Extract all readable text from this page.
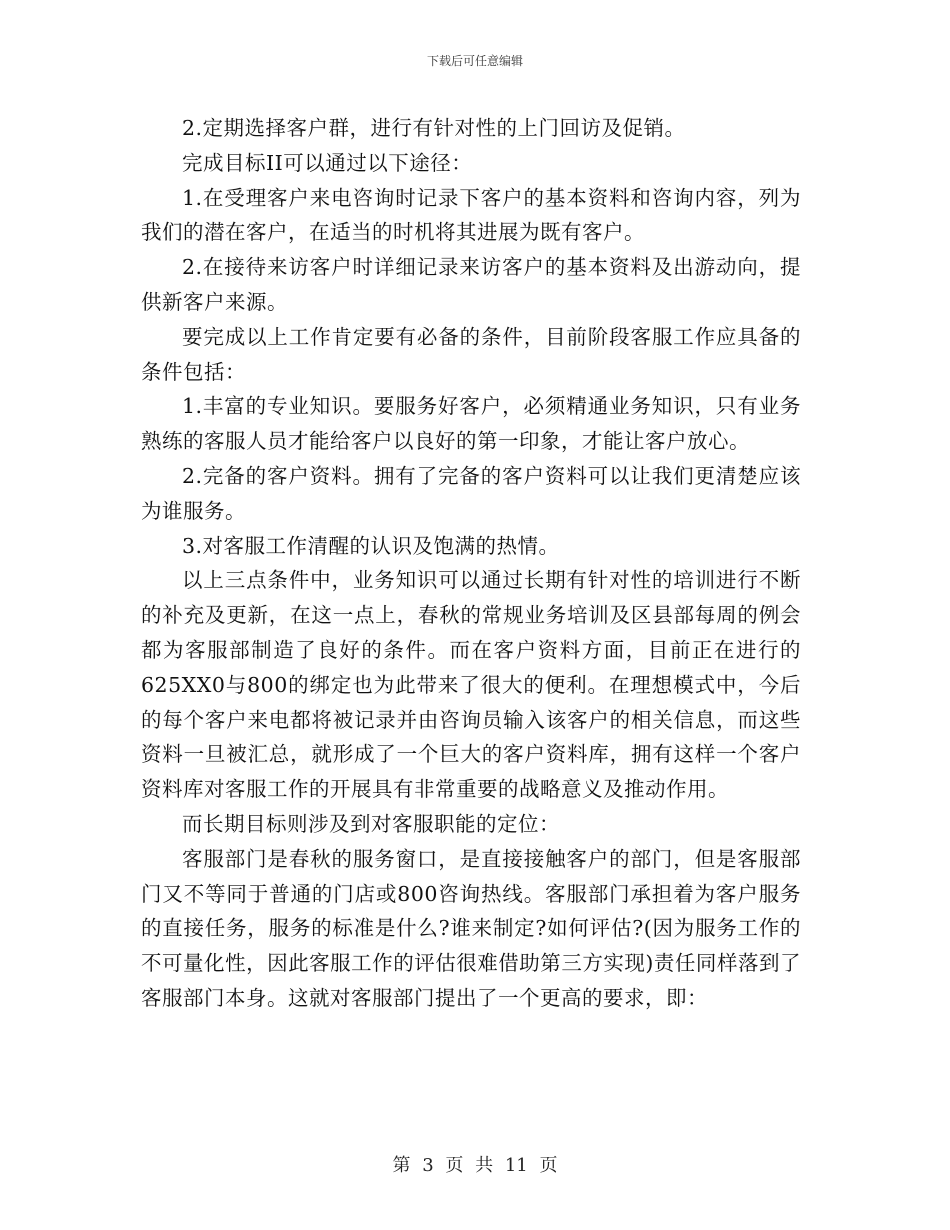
下载后可任意编辑

2.定期选择客户群，进行有针对性的上门回访及促销。

完成目标II可以通过以下途径：

1.在受理客户来电咨询时记录下客户的基本资料和咨询内容，列为我们的潜在客户，在适当的时机将其进展为既有客户。

2.在接待来访客户时详细记录来访客户的基本资料及出游动向，提供新客户来源。

要完成以上工作肯定要有必备的条件，目前阶段客服工作应具备的条件包括：

1.丰富的专业知识。要服务好客户，必须精通业务知识，只有业务熟练的客服人员才能给客户以良好的第一印象，才能让客户放心。

2.完备的客户资料。拥有了完备的客户资料可以让我们更清楚应该为谁服务。

3.对客服工作清醒的认识及饱满的热情。

以上三点条件中，业务知识可以通过长期有针对性的培训进行不断的补充及更新，在这一点上，春秋的常规业务培训及区县部每周的例会都为客服部制造了良好的条件。而在客户资料方面，目前正在进行的625XX0与800的绑定也为此带来了很大的便利。在理想模式中，今后的每个客户来电都将被记录并由咨询员输入该客户的相关信息，而这些资料一旦被汇总，就形成了一个巨大的客户资料库，拥有这样一个客户资料库对客服工作的开展具有非常重要的战略意义及推动作用。

而长期目标则涉及到对客服职能的定位：

客服部门是春秋的服务窗口，是直接接触客户的部门，但是客服部门又不等同于普通的门店或800咨询热线。客服部门承担着为客户服务的直接任务，服务的标准是什么?谁来制定?如何评估?(因为服务工作的不可量化性，因此客服工作的评估很难借助第三方实现)责任同样落到了客服部门本身。这就对客服部门提出了一个更高的要求，即：

第 3 页 共 11 页
